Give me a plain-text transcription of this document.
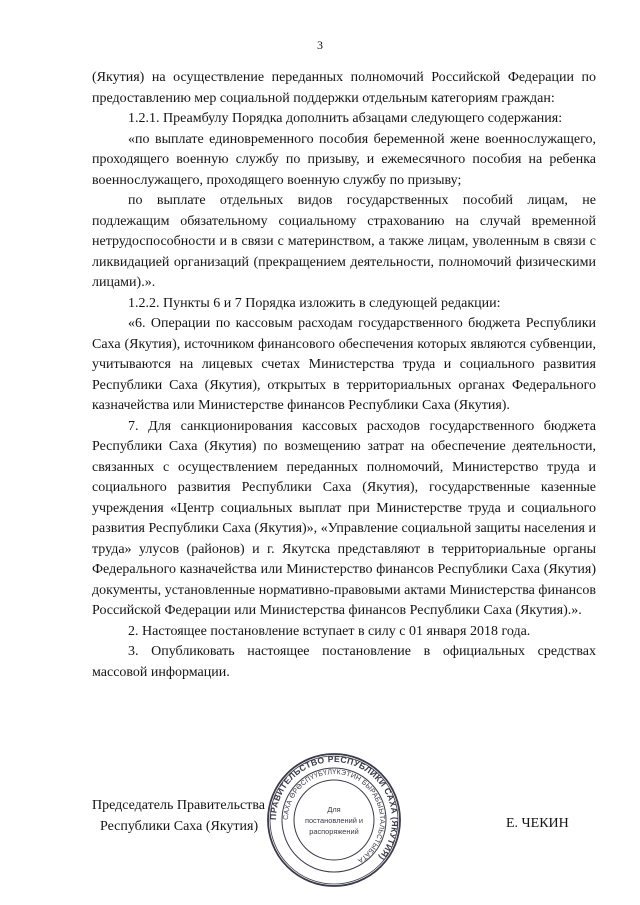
3

(Якутия) на осуществление переданных полномочий Российской Федерации по предоставлению мер социальной поддержки отдельным категориям граждан:

1.2.1. Преамбулу Порядка дополнить абзацами следующего содержания:

«по выплате единовременного пособия беременной жене военнослужащего, проходящего военную службу по призыву, и ежемесячного пособия на ребенка военнослужащего, проходящего военную службу по призыву;

по выплате отдельных видов государственных пособий лицам, не подлежащим обязательному социальному страхованию на случай временной нетрудоспособности и в связи с материнством, а также лицам, уволенным в связи с ликвидацией организаций (прекращением деятельности, полномочий физическими лицами).».

1.2.2. Пункты 6 и 7 Порядка изложить в следующей редакции:

«6. Операции по кассовым расходам государственного бюджета Республики Саха (Якутия), источником финансового обеспечения которых являются субвенции, учитываются на лицевых счетах Министерства труда и социального развития Республики Саха (Якутия), открытых в территориальных органах Федерального казначейства или Министерстве финансов Республики Саха (Якутия).

7. Для санкционирования кассовых расходов государственного бюджета Республики Саха (Якутия) по возмещению затрат на обеспечение деятельности, связанных с осуществлением переданных полномочий, Министерство труда и социального развития Республики Саха (Якутия), государственные казенные учреждения «Центр социальных выплат при Министерстве труда и социального развития Республики Саха (Якутия)», «Управление социальной защиты населения и труда» улусов (районов) и г. Якутска представляют в территориальные органы Федерального казначейства или Министерство финансов Республики Саха (Якутия) документы, установленные нормативно-правовыми актами Министерства финансов Российской Федерации или Министерства финансов Республики Саха (Якутия).».

2. Настоящее постановление вступает в силу с 01 января 2018 года.

3. Опубликовать настоящее постановление в официальных средствах массовой информации.

Председатель Правительства
Республики Саха (Якутия)	Е. ЧЕКИН
ПРАВИТЕЛЬСТВО РЕСПУБЛИКИ САХА (ЯКУТИЯ)
САХА ӨРӨСПҮҮБҮЛҮКЭТИН БЫРАБЫЫТАЛЬСТЫБАТА
Для
постановлений и
распоряжений
